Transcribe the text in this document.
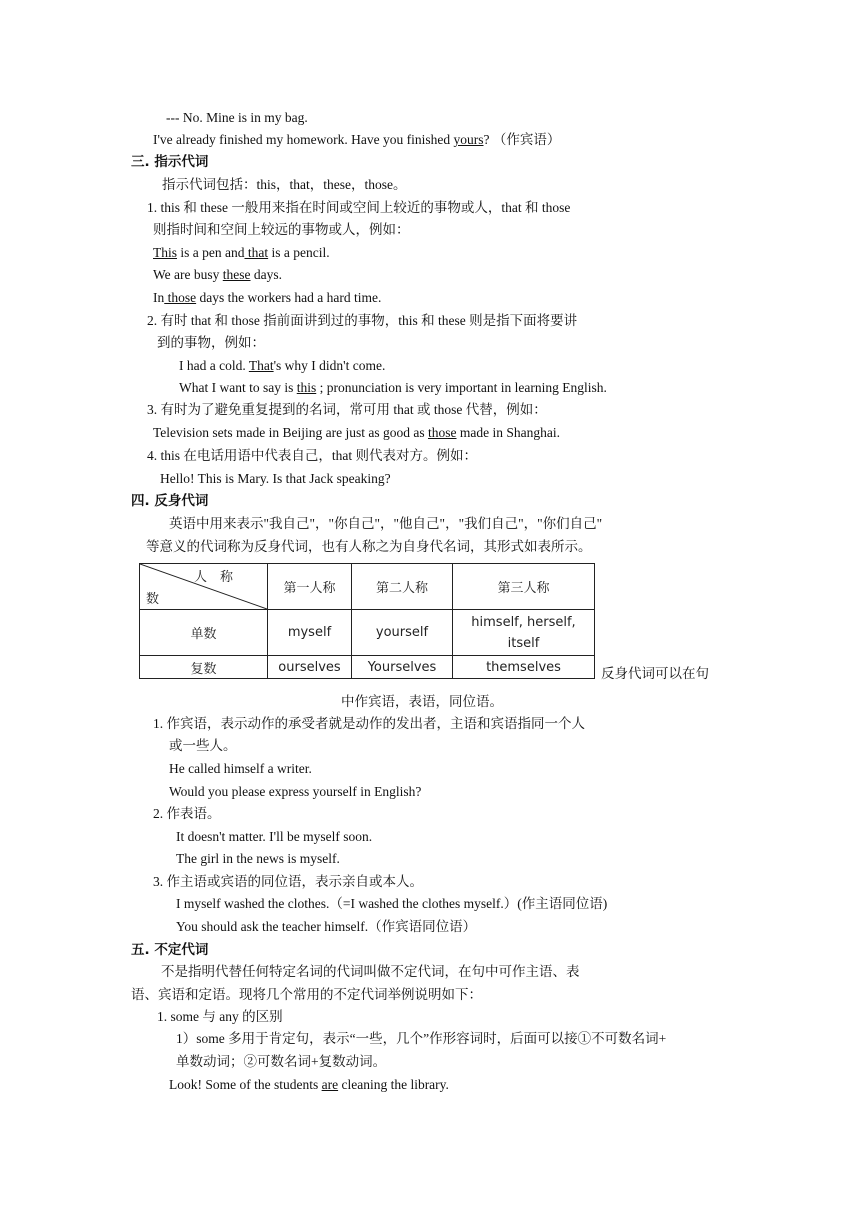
--- No. Mine is in my bag.
I've already finished my homework. Have you finished yours? （作宾语）
三. 指示代词
指示代词包括：this，that，these，those。
1. this 和 these 一般用来指在时间或空间上较近的事物或人，that 和 those
则指时间和空间上较远的事物或人，例如：
This is a pen and that is a pencil.
We are busy these days.
In those days the workers had a hard time.
2. 有时 that 和 those 指前面讲到过的事物，this 和 these 则是指下面将要讲
到的事物，例如：
I had a cold. That's why I didn't come.
What I want to say is this ; pronunciation is very important in learning English.
3. 有时为了避免重复提到的名词，常可用 that 或 those 代替，例如：
Television sets made in Beijing are just as good as those made in Shanghai.
4. this 在电话用语中代表自己，that 则代表对方。例如：
Hello! This is Mary. Is that Jack speaking?
四. 反身代词
英语中用来表示"我自己"，"你自己"，"他自己"，"我们自己"，"你们自己"
等意义的代词称为反身代词，也有人称之为自身代名词，其形式如表所示。
人　称
数	第一人称	第二人称	第三人称
单数	myself	yourself	himself, herself, itself
复数	ourselves	Yourselves	themselves	反身代词可以在句
中作宾语，表语，同位语。
1. 作宾语，表示动作的承受者就是动作的发出者，主语和宾语指同一个人
或一些人。
He called himself a writer.
Would you please express yourself in English?
2. 作表语。
It doesn't matter. I'll be myself soon.
The girl in the news is myself.
3. 作主语或宾语的同位语，表示亲自或本人。
I myself washed the clothes.（=I washed the clothes myself.）(作主语同位语)
You should ask the teacher himself.（作宾语同位语）
五. 不定代词
不是指明代替任何特定名词的代词叫做不定代词，在句中可作主语、表
语、宾语和定语。现将几个常用的不定代词举例说明如下：
1. some 与 any 的区别
1）some 多用于肯定句，表示“一些，几个”作形容词时，后面可以接①不可数名词+
单数动词；②可数名词+复数动词。
Look! Some of the students are cleaning the library.
